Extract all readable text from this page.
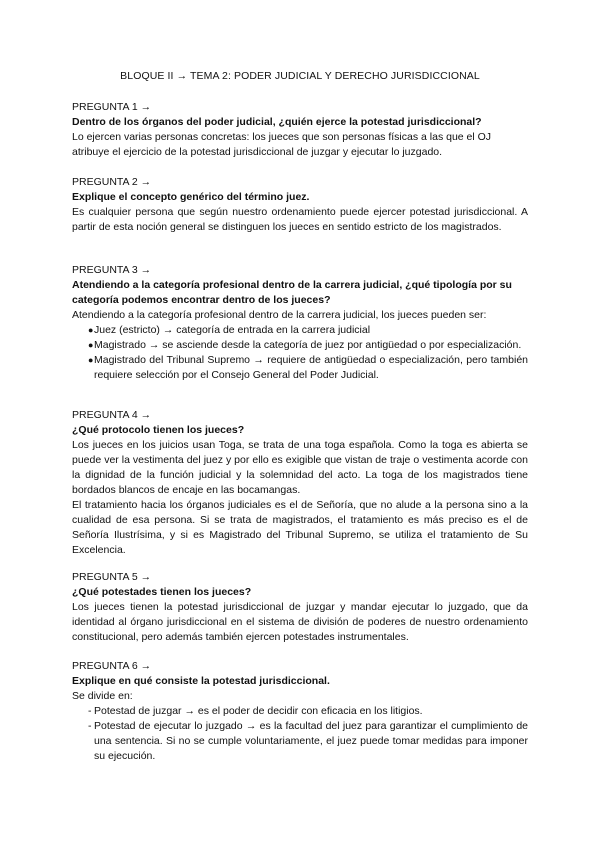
BLOQUE II → TEMA 2: PODER JUDICIAL Y DERECHO JURISDICCIONAL
PREGUNTA 1 →
Dentro de los órganos del poder judicial, ¿quién ejerce la potestad jurisdiccional?
Lo ejercen varias personas concretas: los jueces que son personas físicas a las que el OJ atribuye el ejercicio de la potestad jurisdiccional de juzgar y ejecutar lo juzgado.
PREGUNTA 2 →
Explique el concepto genérico del término juez.
Es cualquier persona que según nuestro ordenamiento puede ejercer potestad jurisdiccional. A partir de esta noción general se distinguen los jueces en sentido estricto de los magistrados.
PREGUNTA 3 →
Atendiendo a la categoría profesional dentro de la carrera judicial, ¿qué tipología por su categoría podemos encontrar dentro de los jueces?
Atendiendo a la categoría profesional dentro de la carrera judicial, los jueces pueden ser:
● Juez (estricto) → categoría de entrada en la carrera judicial
● Magistrado → se asciende desde la categoría de juez por antigüedad o por especialización.
● Magistrado del Tribunal Supremo → requiere de antigüedad o especialización, pero también requiere selección por el Consejo General del Poder Judicial.
PREGUNTA 4 →
¿Qué protocolo tienen los jueces?
Los jueces en los juicios usan Toga, se trata de una toga española. Como la toga es abierta se puede ver la vestimenta del juez y por ello es exigible que vistan de traje o vestimenta acorde con la dignidad de la función judicial y la solemnidad del acto. La toga de los magistrados tiene bordados blancos de encaje en las bocamangas.
El tratamiento hacia los órganos judiciales es el de Señoría, que no alude a la persona sino a la cualidad de esa persona. Si se trata de magistrados, el tratamiento es más preciso es el de Señoría Ilustrísima, y si es Magistrado del Tribunal Supremo, se utiliza el tratamiento de Su Excelencia.
PREGUNTA 5 →
¿Qué potestades tienen los jueces?
Los jueces tienen la potestad jurisdiccional de juzgar y mandar ejecutar lo juzgado, que da identidad al órgano jurisdiccional en el sistema de división de poderes de nuestro ordenamiento constitucional, pero además también ejercen potestades instrumentales.
PREGUNTA 6 →
Explique en qué consiste la potestad jurisdiccional.
Se divide en:
- Potestad de juzgar → es el poder de decidir con eficacia en los litigios.
- Potestad de ejecutar lo juzgado → es la facultad del juez para garantizar el cumplimiento de una sentencia. Si no se cumple voluntariamente, el juez puede tomar medidas para imponer su ejecución.
